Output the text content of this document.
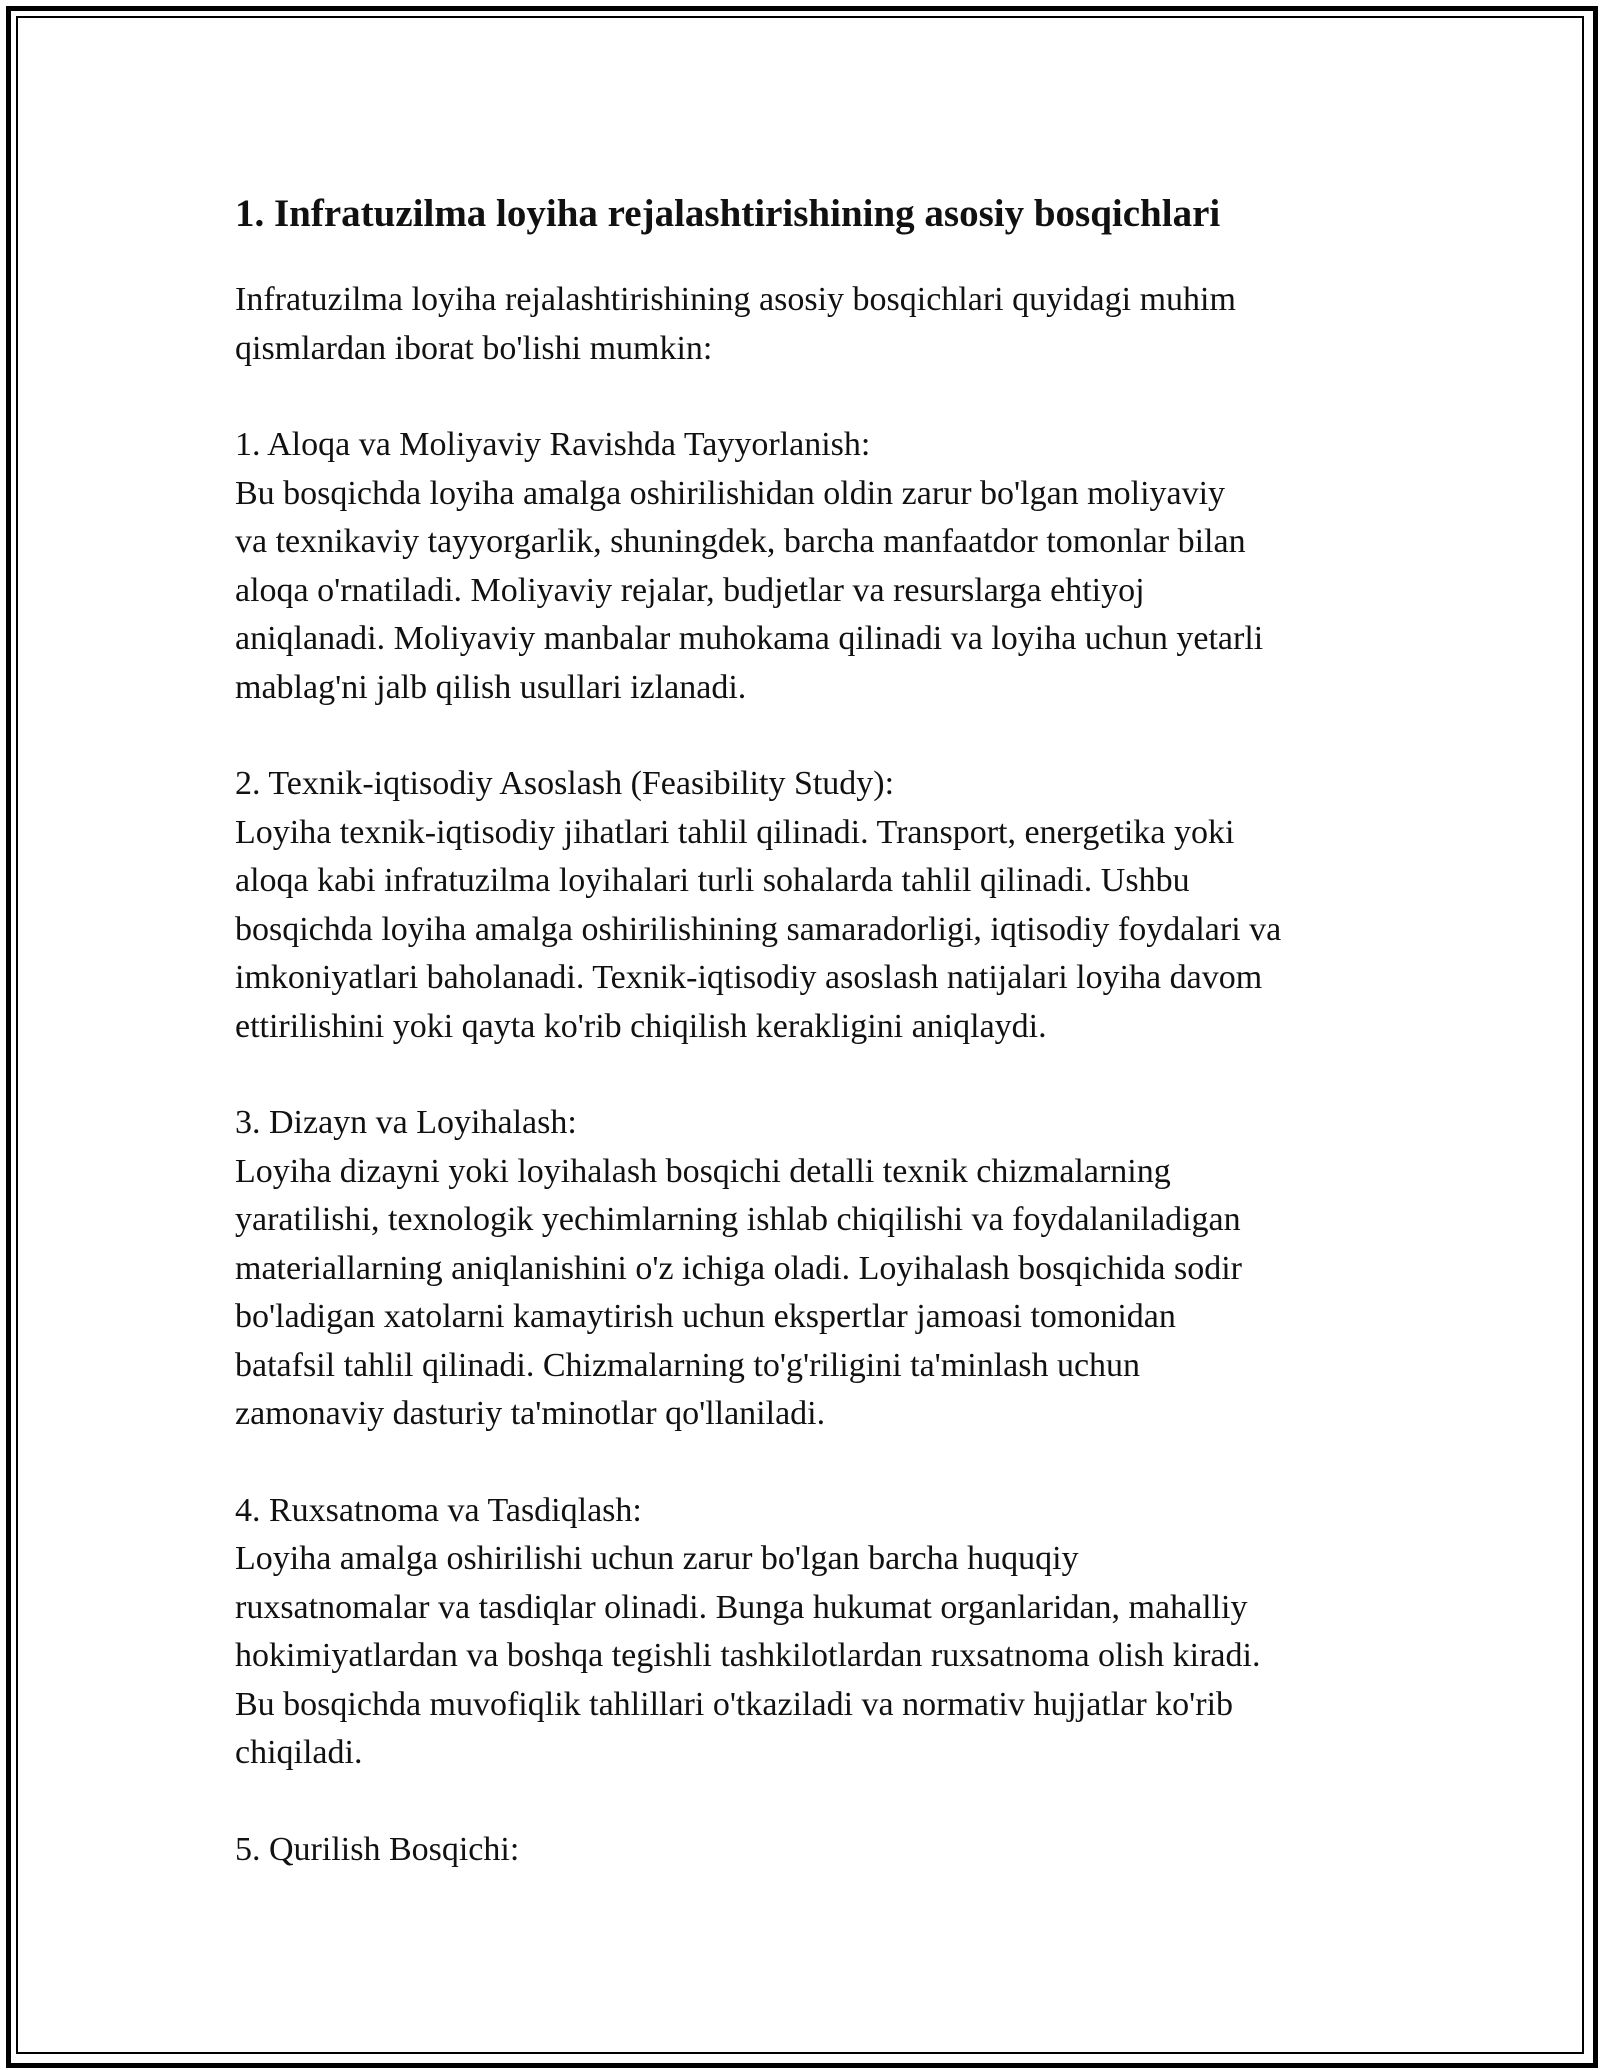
1. Infratuzilma loyiha rejalashtirishining asosiy bosqichlari

Infratuzilma loyiha rejalashtirishining asosiy bosqichlari quyidagi muhim
qismlardan iborat bo'lishi mumkin:

1. Aloqa va Moliyaviy Ravishda Tayyorlanish:

Bu bosqichda loyiha amalga oshirilishidan oldin zarur bo'lgan moliyaviy
va texnikaviy tayyorgarlik, shuningdek, barcha manfaatdor tomonlar bilan
aloqa o'rnatiladi. Moliyaviy rejalar, budjetlar va resurslarga ehtiyoj
aniqlanadi. Moliyaviy manbalar muhokama qilinadi va loyiha uchun yetarli
mablag'ni jalb qilish usullari izlanadi.

2. Texnik-iqtisodiy Asoslash (Feasibility Study):

Loyiha texnik-iqtisodiy jihatlari tahlil qilinadi. Transport, energetika yoki
aloqa kabi infratuzilma loyihalari turli sohalarda tahlil qilinadi. Ushbu
bosqichda loyiha amalga oshirilishining samaradorligi, iqtisodiy foydalari va
imkoniyatlari baholanadi. Texnik-iqtisodiy asoslash natijalari loyiha davom
ettirilishini yoki qayta ko'rib chiqilish kerakligini aniqlaydi.

3. Dizayn va Loyihalash:

Loyiha dizayni yoki loyihalash bosqichi detalli texnik chizmalarning
yaratilishi, texnologik yechimlarning ishlab chiqilishi va foydalaniladigan
materiallarning aniqlanishini o'z ichiga oladi. Loyihalash bosqichida sodir
bo'ladigan xatolarni kamaytirish uchun ekspertlar jamoasi tomonidan
batafsil tahlil qilinadi. Chizmalarning to'g'riligini ta'minlash uchun
zamonaviy dasturiy ta'minotlar qo'llaniladi.

4. Ruxsatnoma va Tasdiqlash:

Loyiha amalga oshirilishi uchun zarur bo'lgan barcha huquqiy
ruxsatnomalar va tasdiqlar olinadi. Bunga hukumat organlaridan, mahalliy
hokimiyatlardan va boshqa tegishli tashkilotlardan ruxsatnoma olish kiradi.
Bu bosqichda muvofiqlik tahlillari o'tkaziladi va normativ hujjatlar ko'rib
chiqiladi.

5. Qurilish Bosqichi:
